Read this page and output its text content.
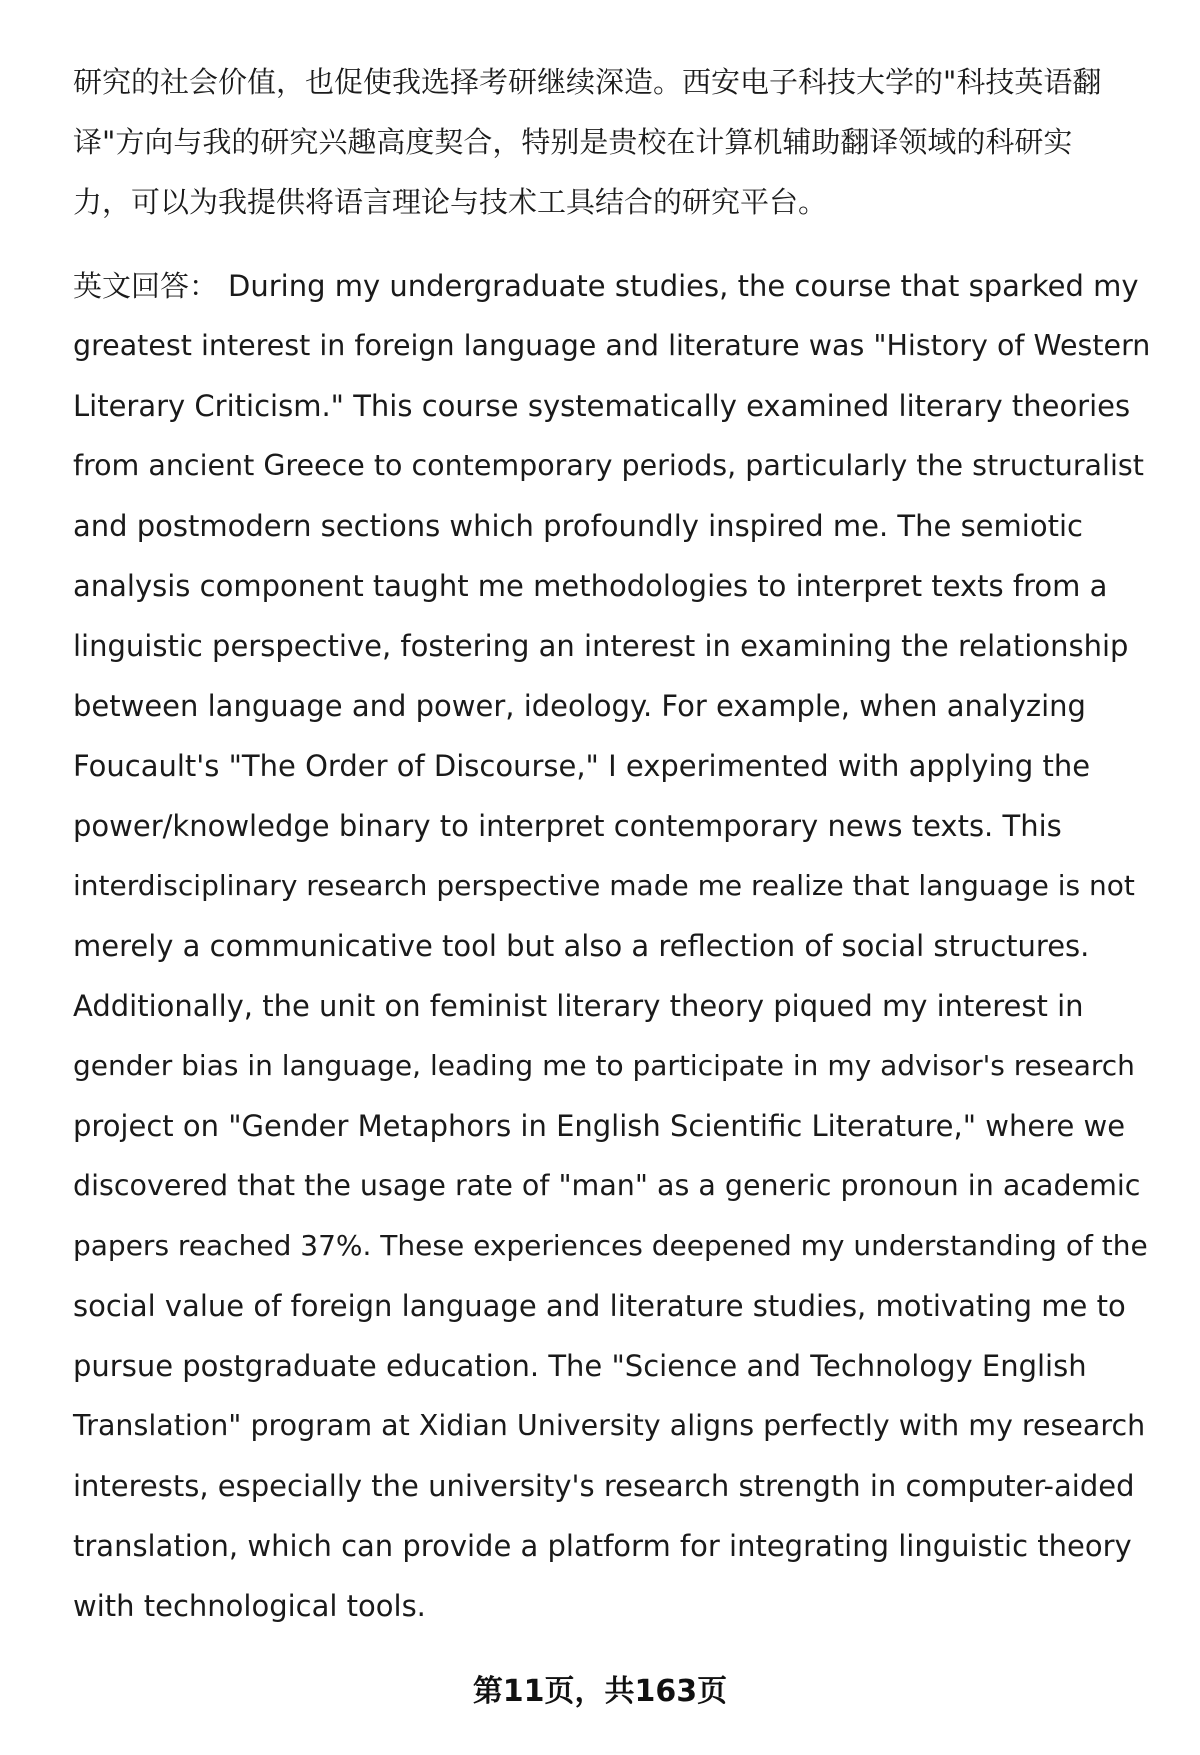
研究的社会价值，也促使我选择考研继续深造。西安电子科技大学的"科技英语翻
译"方向与我的研究兴趣高度契合，特别是贵校在计算机辅助翻译领域的科研实
力，可以为我提供将语言理论与技术工具结合的研究平台。
英文回答： During my undergraduate studies, the course that sparked my
greatest interest in foreign language and literature was "History of Western
Literary Criticism." This course systematically examined literary theories
from ancient Greece to contemporary periods, particularly the structuralist
and postmodern sections which profoundly inspired me. The semiotic
analysis component taught me methodologies to interpret texts from a
linguistic perspective, fostering an interest in examining the relationship
between language and power, ideology. For example, when analyzing
Foucault's "The Order of Discourse," I experimented with applying the
power/knowledge binary to interpret contemporary news texts. This
interdisciplinary research perspective made me realize that language is not
merely a communicative tool but also a reflection of social structures.
Additionally, the unit on feminist literary theory piqued my interest in
gender bias in language, leading me to participate in my advisor's research
project on "Gender Metaphors in English Scientific Literature," where we
discovered that the usage rate of "man" as a generic pronoun in academic
papers reached 37%. These experiences deepened my understanding of the
social value of foreign language and literature studies, motivating me to
pursue postgraduate education. The "Science and Technology English
Translation" program at Xidian University aligns perfectly with my research
interests, especially the university's research strength in computer-aided
translation, which can provide a platform for integrating linguistic theory
with technological tools.
第11页，共163页
